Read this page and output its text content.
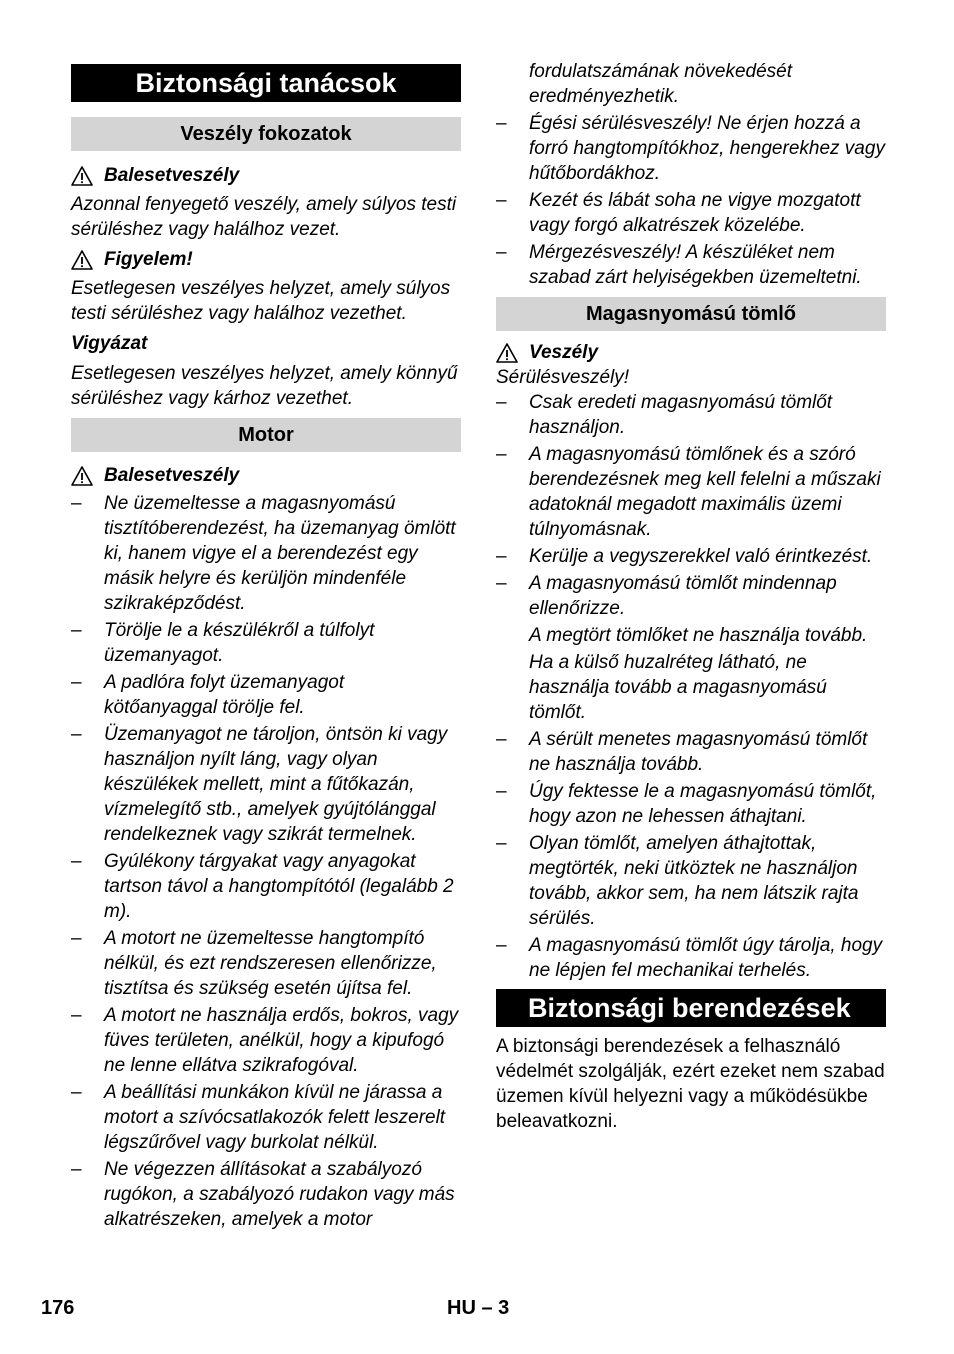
Biztonsági tanácsok
Veszély fokozatok
Balesetveszély
Azonnal fenyegető veszély, amely súlyos testi sérüléshez vagy halálhoz vezet.
Figyelem!
Esetlegesen veszélyes helyzet, amely súlyos testi sérüléshez vagy halálhoz vezethet.
Vigyázat
Esetlegesen veszélyes helyzet, amely könnyű sérüléshez vagy kárhoz vezethet.
Motor
Balesetveszély
– Ne üzemeltesse a magasnyomású tisztítóberendezést, ha üzemanyag ömlött ki, hanem vigye el a berendezést egy másik helyre és kerüljön mindenféle szikraképződést.
– Törölje le a készülékről a túlfolyt üzemanyagot.
– A padlóra folyt üzemanyagot kötőanyaggal törölje fel.
– Üzemanyagot ne tároljon, öntsön ki vagy használjon nyílt láng, vagy olyan készülékek mellett, mint a fűtőkazán, vízmelegítő stb., amelyek gyújtólánggal rendelkeznek vagy szikrát termelnek.
– Gyúlékony tárgyakat vagy anyagokat tartson távol a hangtompítótól (legalább 2 m).
– A motort ne üzemeltesse hangtompító nélkül, és ezt rendszeresen ellenőrizze, tisztítsa és szükség esetén újítsa fel.
– A motort ne használja erdős, bokros, vagy füves területen, anélkül, hogy a kipufogó ne lenne ellátva szikrafogóval.
– A beállítási munkákon kívül ne járassa a motort a szívócsatlakozók felett leszerelt légszűrővel vagy burkolat nélkül.
– Ne végezzen állításokat a szabályozó rugókon, a szabályozó rudakon vagy más alkatrészeken, amelyek a motor
fordulatszámának növekedését eredményezhetik.
– Égési sérülésveszély! Ne érjen hozzá a forró hangtompítókhoz, hengerekhez vagy hűtőbordákhoz.
– Kezét és lábát soha ne vigye mozgatott vagy forgó alkatrészek közelébe.
– Mérgezésveszély! A készüléket nem szabad zárt helyiségekben üzemeltetni.
Magasnyomású tömlő
Veszély
Sérülésveszély!
– Csak eredeti magasnyomású tömlőt használjon.
– A magasnyomású tömlőnek és a szóró berendezésnek meg kell felelni a műszaki adatoknál megadott maximális üzemi túlnyomásnak.
– Kerülje a vegyszerekkel való érintkezést.
– A magasnyomású tömlőt mindennap ellenőrizze.
A megtört tömlőket ne használja tovább.
Ha a külső huzalréteg látható, ne használja tovább a magasnyomású tömlőt.
– A sérült menetes magasnyomású tömlőt ne használja tovább.
– Úgy fektesse le a magasnyomású tömlőt, hogy azon ne lehessen áthajtani.
– Olyan tömlőt, amelyen áthajtottak, megtörték, neki ütköztek ne használjon tovább, akkor sem, ha nem látszik rajta sérülés.
– A magasnyomású tömlőt úgy tárolja, hogy ne lépjen fel mechanikai terhelés.
Biztonsági berendezések
A biztonsági berendezések a felhasználó védelmét szolgálják, ezért ezeket nem szabad üzemen kívül helyezni vagy a működésükbe beleavatkozni.
176	HU – 3
